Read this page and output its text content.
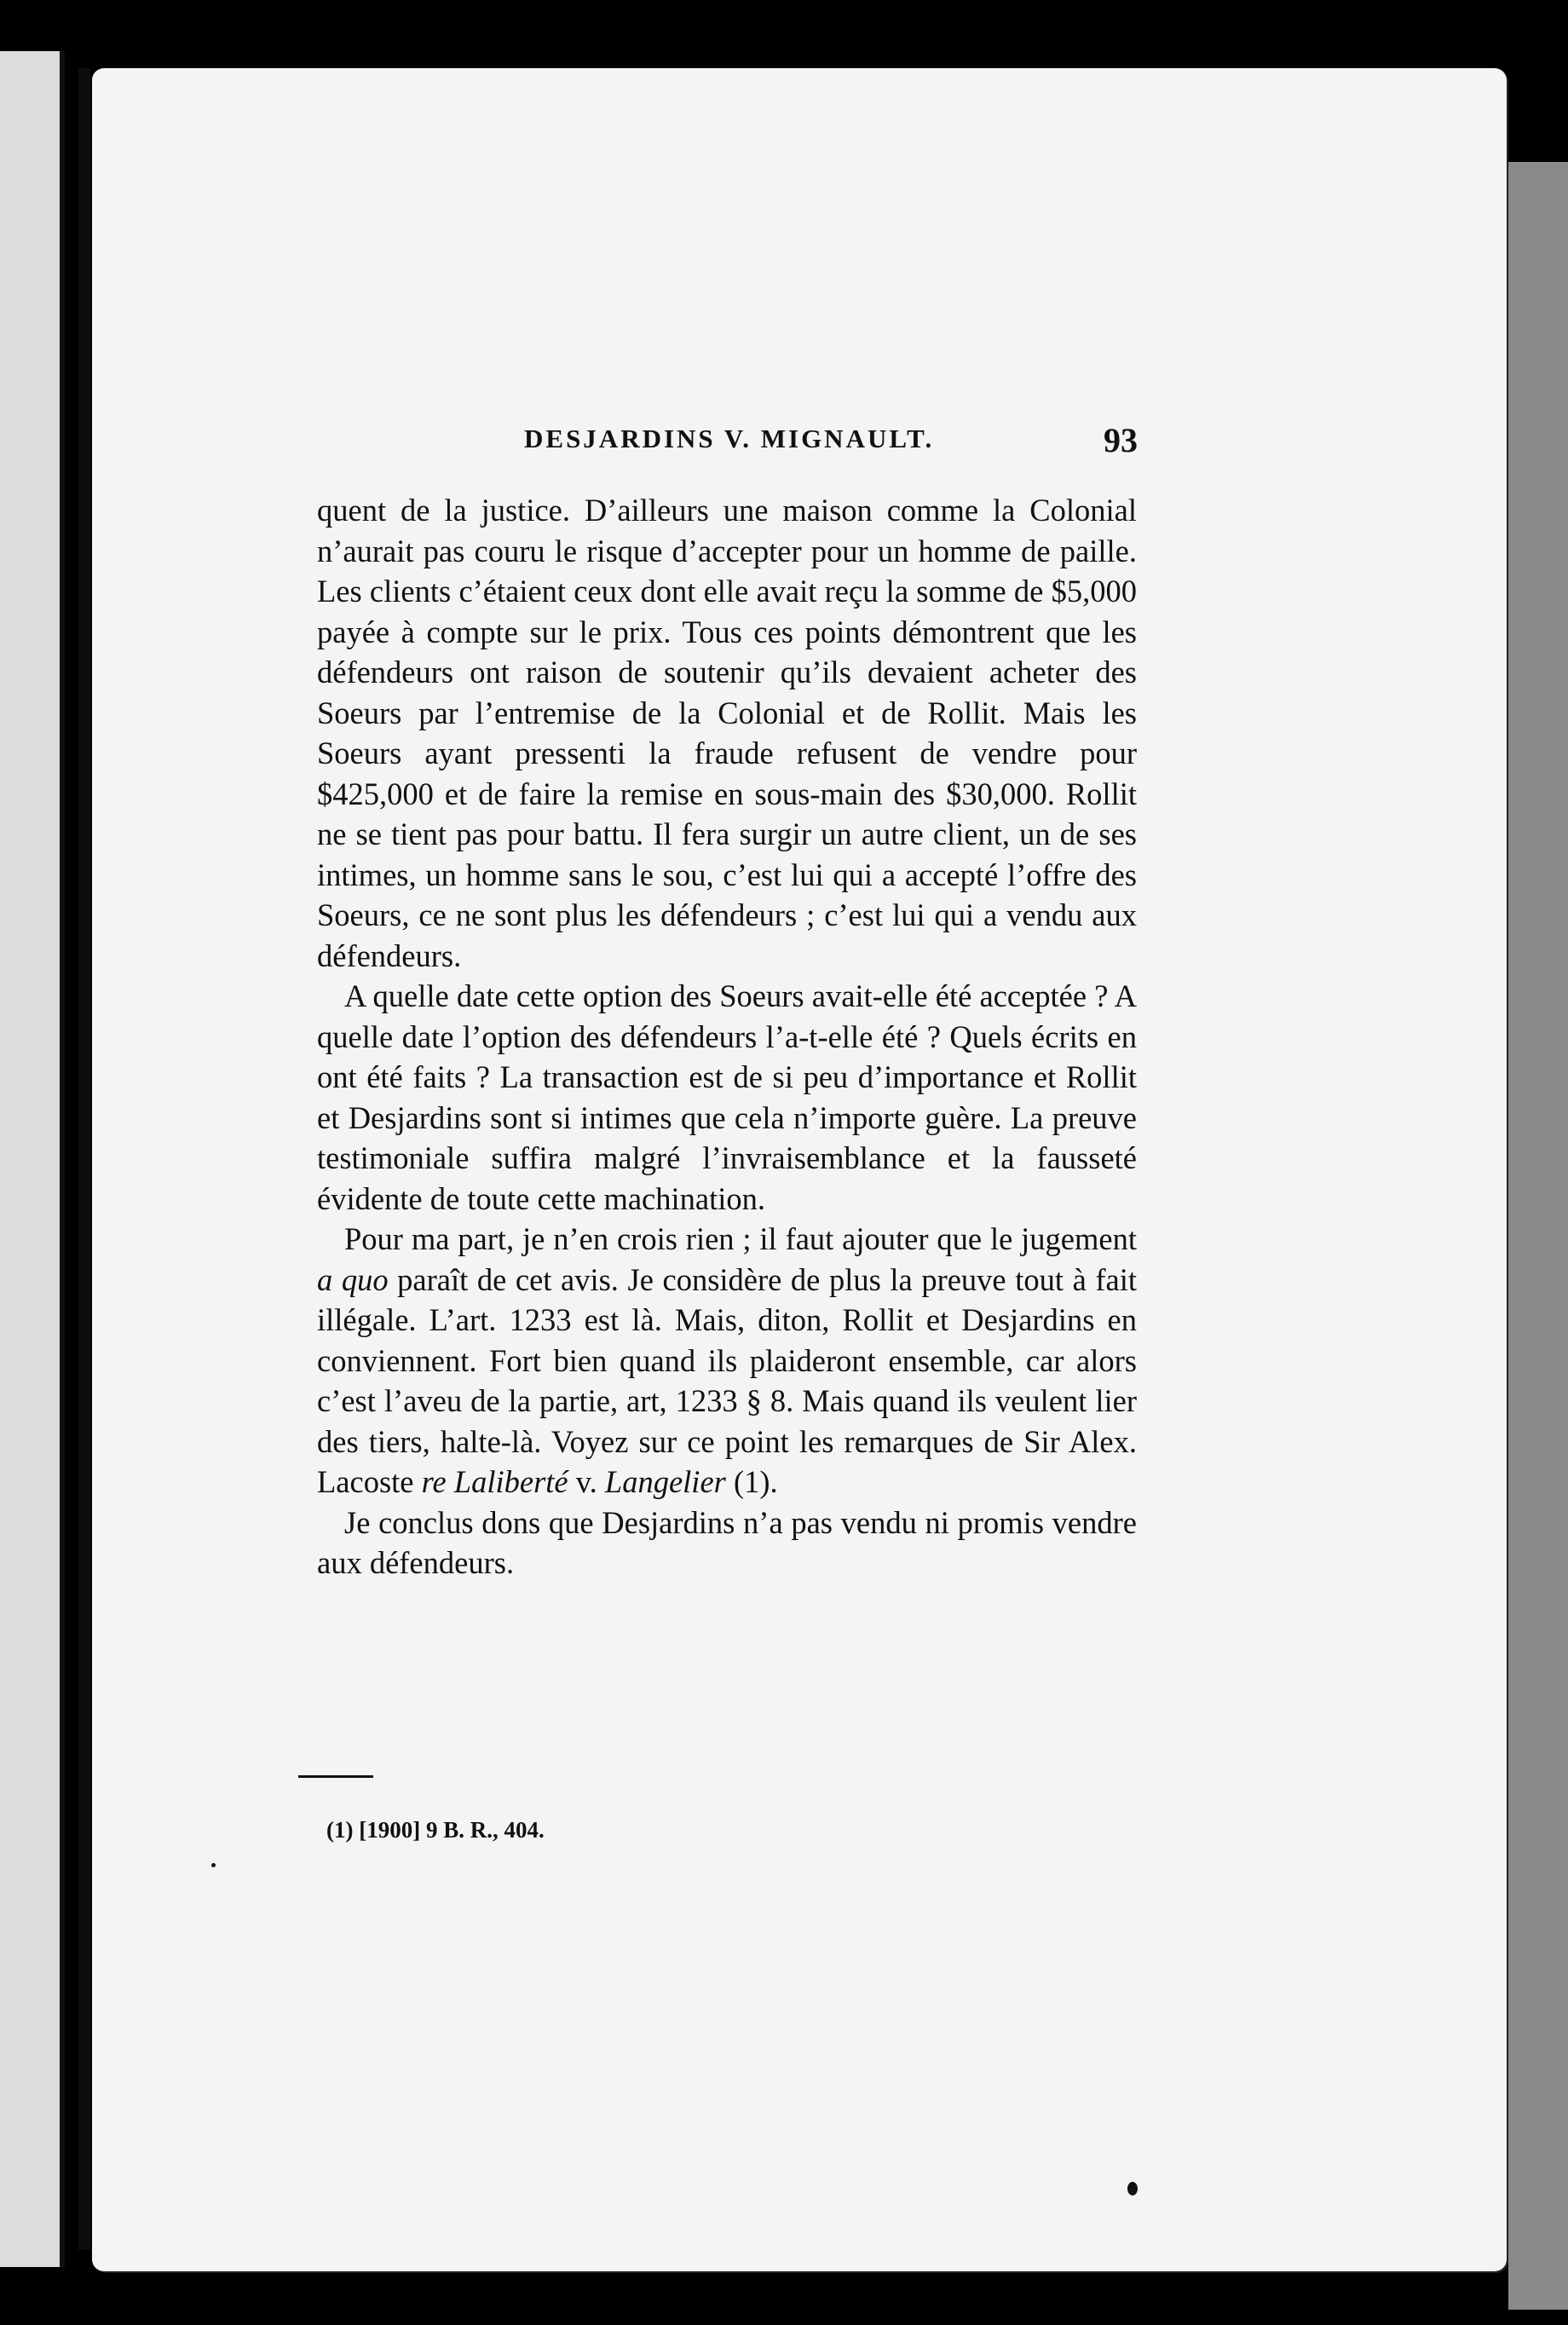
DESJARDINS V. MIGNAULT.	93

quent de la justice. D’ailleurs une maison comme la Colonial n’aurait pas couru le risque d’accepter pour un homme de paille. Les clients c’étaient ceux dont elle avait reçu la somme de $5,000 payée à compte sur le prix. Tous ces points démontrent que les défendeurs ont raison de soutenir qu’ils devaient acheter des Soeurs par l’entremise de la Colonial et de Rollit. Mais les Soeurs ayant pressenti la fraude refusent de vendre pour $425,000 et de faire la remise en sous-main des $30,000. Rollit ne se tient pas pour battu. Il fera surgir un autre client, un de ses intimes, un homme sans le sou, c’est lui qui a accepté l’offre des Soeurs, ce ne sont plus les défendeurs ; c’est lui qui a vendu aux défendeurs.

A quelle date cette option des Soeurs avait-elle été acceptée ? A quelle date l’option des défendeurs l’a-t-elle été ? Quels écrits en ont été faits ? La transaction est de si peu d’importance et Rollit et Desjardins sont si intimes que cela n’importe guère. La preuve testimoniale suffira malgré l’invraisemblance et la fausseté évidente de toute cette machination.

Pour ma part, je n’en crois rien ; il faut ajouter que le jugement a quo paraît de cet avis. Je considère de plus la preuve tout à fait illégale. L’art. 1233 est là. Mais, diton, Rollit et Desjardins en conviennent. Fort bien quand ils plaideront ensemble, car alors c’est l’aveu de la partie, art, 1233 § 8. Mais quand ils veulent lier des tiers, halte-là. Voyez sur ce point les remarques de Sir Alex. Lacoste re Laliberté v. Langelier (1).

Je conclus dons que Desjardins n’a pas vendu ni promis vendre aux défendeurs.

(1) [1900] 9 B. R., 404.
